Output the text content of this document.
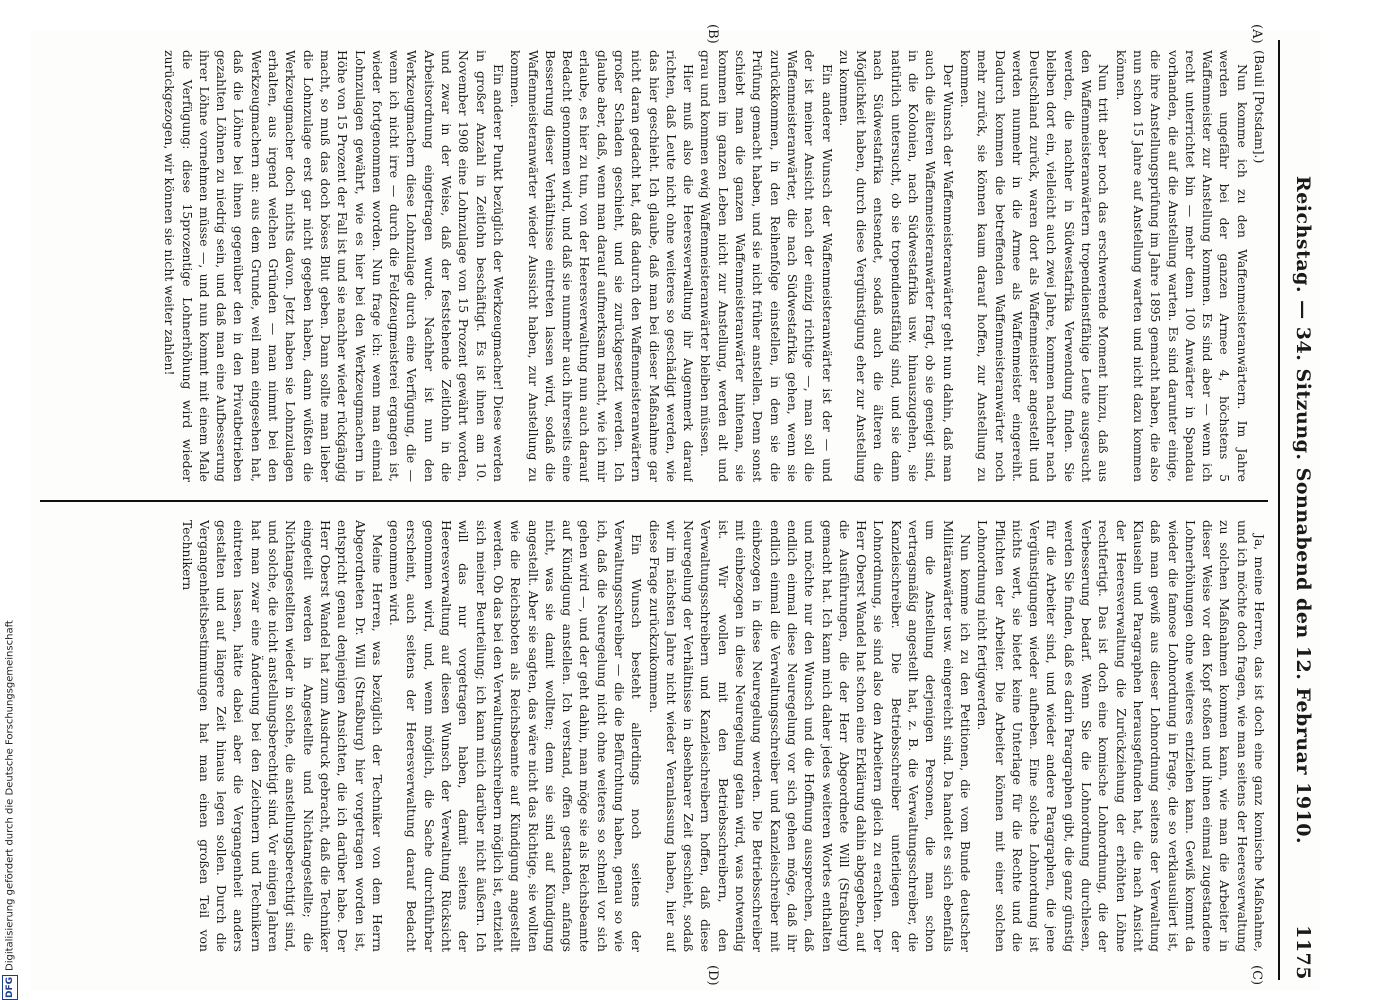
Reichstag. — 34. Sitzung. Sonnabend den 12. Februar 1910.
1175
(A)
(B)
(C)
(D)

(Bauli [Potsdam].)

Nun komme ich zu den Waffenmeisteranwärtern. Im Jahre werden ungefähr bei der ganzen Armee 4, höchstens 5 Waffenmeister zur Anstellung kommen. Es sind aber — wenn ich recht unterrichtet bin — mehr denn 100 Anwärter in Spandau vorhanden, die auf die Anstellung warten. Es sind darunter einige, die ihre Anstellungsprüfung im Jahre 1895 gemacht haben, die also nun schon 15 Jahre auf Anstellung warten und nicht dazu kommen können.

Nun tritt aber noch das erschwerende Moment hinzu, daß aus den Waffenmeisteranwärtern tropendienstfähige Leute ausgesucht werden, die nachher in Südwestafrika Verwendung finden. Sie bleiben dort ein, vielleicht auch zwei Jahre, kommen nachher nach Deutschland zurück, waren dort als Waffenmeister angestellt und werden nunmehr in die Armee als Waffenmeister eingereiht. Dadurch kommen die betreffenden Waffenmeisteranwärter noch mehr zurück, sie können kaum darauf hoffen, zur Anstellung zu kommen.

Der Wunsch der Waffenmeisteranwärter geht nun dahin, daß man auch die älteren Waffenmeisteranwärter fragt, ob sie geneigt sind, in die Kolonien, nach Südwestafrika usw. hinauszugehen, sie natürlich untersucht, ob sie tropendienstfähig sind, und sie dann nach Südwestafrika entsendet, sodaß auch die älteren die Möglichkeit haben, durch diese Vergünstigung eher zur Anstellung zu kommen.

Ein anderer Wunsch der Waffenmeisteranwärter ist der — und der ist meiner Ansicht nach der einzig richtige —, man soll die Waffenmeisteranwärter, die nach Südwestafrika gehen, wenn sie zurückkommen, in den Reihenfolge einstellen, in dem sie die Prüfung gemacht haben, und sie nicht früher anstellen. Denn sonst schiebt man die ganzen Waffenmeisteranwärter hintenan, sie kommen im ganzen Leben nicht zur Anstellung, werden alt und grau und kommen ewig Waffenmeisteranwärter bleiben müssen.

Hier muß also die Heeresverwaltung ihr Augenmerk darauf richten, daß Leute nicht ohne weiteres so geschädigt werden, wie das hier geschieht. Ich glaube, daß man bei dieser Maßnahme gar nicht daran gedacht hat, daß dadurch den Waffenmeisteranwärtern großer Schaden geschieht, und sie zurückgesetzt werden. Ich glaube aber, daß, wenn man darauf aufmerksam macht, wie ich mir erlaube, es hier zu tun, von der Heeresverwaltung nun auch darauf Bedacht genommen wird, und daß sie nunmehr auch ihrerseits eine Besserung dieser Verhältnisse eintreten lassen wird, sodaß die Waffenmeisteranwärter wieder Aussicht haben, zur Anstellung zu kommen.

Ein anderer Punkt bezüglich der Werkzeugmacher! Diese werden in großer Anzahl in Zeitlohn beschäftigt. Es ist ihnen am 10. November 1908 eine Lohnzulage von 15 Prozent gewährt worden, und zwar in der Weise, daß der feststehende Zeitlohn in die Arbeitsordnung eingetragen wurde. Nachher ist nun den Werkzeugmachern diese Lohnzulage durch eine Verfügung, die — wenn ich nicht irre — durch die Feldzeugmeisterei ergangen ist, wieder fortgenommen worden. Nun frage ich: wenn man einmal Lohnzulagen gewährt, wie es hier bei den Werkzeugmachern in Höhe von 15 Prozent der Fall ist und sie nachher wieder rückgängig macht, so muß das doch böses Blut geben. Dann sollte man lieber die Lohnzulage erst gar nicht gegeben haben, dann wüßten die Werkzeugmacher doch nichts davon. Jetzt haben sie Lohnzulagen erhalten, aus irgend welchen Gründen — man nimmt bei den Werkzeugmachern an: aus dem Grunde, weil man eingesehen hat, daß die Löhne bei ihnen gegenüber den in den Privatbetrieben gezahlten Löhnen zu niedrig sein, und daß man eine Aufbesserung ihrer Löhne vornehmen müsse —, und nun kommt mit einem Male die Verfügung: diese 15prozentige Lohnerhöhung wird wieder zurückgezogen, wir können sie nicht weiter zahlen!

Ja, meine Herren, das ist doch eine ganz komische Maßnahme, und ich möchte doch fragen, wie man seitens der Heeresverwaltung zu solchen Maßnahmen kommen kann, wie man die Arbeiter in dieser Weise vor den Kopf stoßen und ihnen einmal zugestandene Lohnerhöhungen ohne weiteres entziehen kann. Gewiß kommt da wieder die famose Lohnordnung in Frage, die so verklausuliert ist, daß man gewiß aus dieser Lohnordnung seitens der Verwaltung Klauseln und Paragraphen herausgefunden hat, die nach Ansicht der Heeresverwaltung die Zurückziehung der erhöhten Löhne rechtfertigt. Das ist doch eine komische Lohnordnung, die der Verbesserung bedarf. Wenn Sie die Lohnordnung durchlesen, werden Sie finden, daß es darin Paragraphen gibt, die ganz günstig für die Arbeiter sind, und wieder andere Paragraphen, die jene Vergünstigungen wieder aufheben. Eine solche Lohnordnung ist nichts wert, sie bietet keine Unterlage für die Rechte und die Pflichten der Arbeiter. Die Arbeiter können mit einer solchen Lohnordnung nicht fertigwerden.

Nun komme ich zu den Petitionen, die vom Bunde deutscher Militäranwärter usw. eingereicht sind. Da handelt es sich ebenfalls um die Anstellung derjenigen Personen, die man schon vertragsmäßig angestellt hat, z. B. die Verwaltungsschreiber, die Kanzleischreiber. Die Betriebsschreiber unterliegen der Lohnordnung, sie sind also den Arbeitern gleich zu erachten. Der Herr Oberst Wandel hat schon eine Erklärung dahin abgegeben, auf die Ausführungen, die der Herr Abgeordnete Will (Straßburg) gemacht hat. Ich kann mich daher jedes weiteren Wortes enthalten und möchte nur den Wunsch und die Hoffnung aussprechen, daß endlich einmal diese Neuregelung vor sich gehen möge, daß ihr endlich einmal die Verwaltungsschreiber und Kanzleischreiber mit einbezogen in diese Neuregelung werden. Die Betriebsschreiber mit einbezogen in diese Neuregelung getan wird, was notwendig ist. Wir wollen mit den Betriebsschreibern, den Verwaltungsschreibern und Kanzleischreibern hoffen, daß diese Neuregelung der Verhältnisse in absehbarer Zeit geschieht, sodaß wir im nächsten Jahre nicht wieder Veranlassung haben, hier auf diese Frage zurückzukommen.

Ein Wunsch besteht allerdings noch seitens der Verwaltungsschreiber — die die Befürchtung haben, genau so wie ich, daß die Neuregelung nicht ohne weiteres so schnell vor sich gehen wird —, und der geht dahin, man möge sie als Reichsbeamte auf Kündigung anstellen. Ich verstand, offen gestanden, anfangs nicht, was sie damit wollten; denn sie sind auf Kündigung angestellt. Aber sie sagten, das wäre nicht das Richtige, sie wollten wie die Reichsboten als Reichsbeamte auf Kündigung angestellt werden. Ob das bei den Verwaltungsschreibern möglich ist, entzieht sich meiner Beurteilung; ich kann mich darüber nicht äußern. Ich will das nur vorgetragen haben, damit seitens der Heeresverwaltung auf diesen Wunsch der Verwaltung Rücksicht genommen wird, und, wenn möglich, die Sache durchführbar erscheint, auch seitens der Heeresverwaltung darauf Bedacht genommen wird.

Meine Herren, was bezüglich der Techniker von dem Herrn Abgeordneten Dr. Will (Straßburg) hier vorgetragen worden ist, entspricht genau denjenigen Ansichten, die ich darüber habe. Der Herr Oberst Wandel hat zum Ausdruck gebracht, daß die Techniker eingeteilt werden in Angestellte und Nichtangestellte; die Nichtangestellten wieder in solche, die anstellungsberechtigt sind, und solche, die nicht anstellungsberechtigt sind. Vor einigen Jahren hat man zwar eine Änderung bei den Zeichnern und Technikern eintreten lassen, hätte dabei aber die Vergangenheit anders gestalten und auf längere Zeit hinaus legen sollen. Durch die Vergangenheitsbestimmungen hat man einen großen Teil von Technikern

DFG
Digitalisierung gefördert durch die Deutsche Forschungsgemeinschaft
